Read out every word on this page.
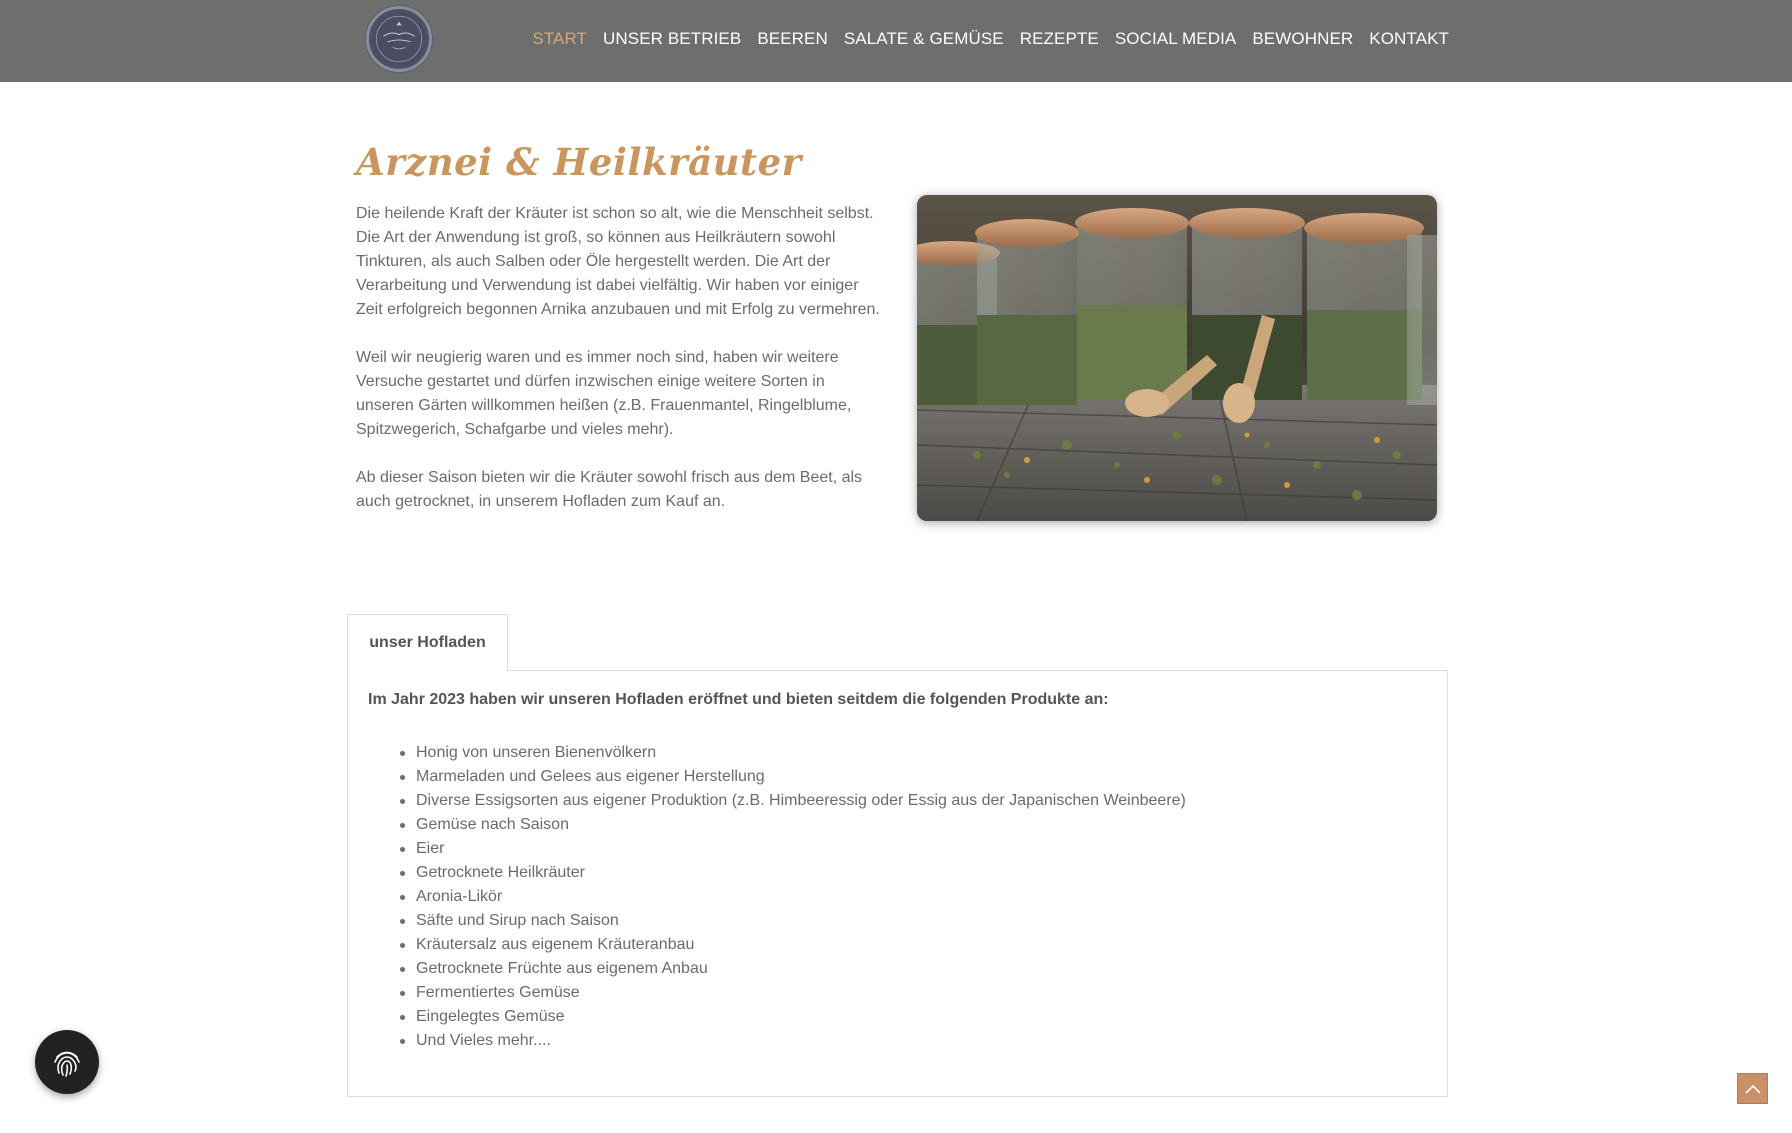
START UNSER BETRIEB BEEREN SALATE & GEMÜSE REZEPTE SOCIAL MEDIA BEWOHNER KONTAKT
Arznei & Heilkräuter

Die heilende Kraft der Kräuter ist schon so alt, wie die Menschheit selbst. Die Art der Anwendung ist groß, so können aus Heilkräutern sowohl Tinkturen, als auch Salben oder Öle hergestellt werden. Die Art der Verarbeitung und Verwendung ist dabei vielfältig. Wir haben vor einiger Zeit erfolgreich begonnen Arnika anzubauen und mit Erfolg zu vermehren.

Weil wir neugierig waren und es immer noch sind, haben wir weitere Versuche gestartet und dürfen inzwischen einige weitere Sorten in unseren Gärten willkommen heißen (z.B. Frauenmantel, Ringelblume, Spitzwegerich, Schafgarbe und vieles mehr).

Ab dieser Saison bieten wir die Kräuter sowohl frisch aus dem Beet, als auch getrocknet, in unserem Hofladen zum Kauf an.

unser Hofladen
Im Jahr 2023 haben wir unseren Hofladen eröffnet und bieten seitdem die folgenden Produkte an:
Honig von unseren Bienenvölkern
Marmeladen und Gelees aus eigener Herstellung
Diverse Essigsorten aus eigener Produktion (z.B. Himbeeressig oder Essig aus der Japanischen Weinbeere)
Gemüse nach Saison
Eier
Getrocknete Heilkräuter
Aronia-Likör
Säfte und Sirup nach Saison
Kräutersalz aus eigenem Kräuteranbau
Getrocknete Früchte aus eigenem Anbau
Fermentiertes Gemüse
Eingelegtes Gemüse
Und Vieles mehr....
